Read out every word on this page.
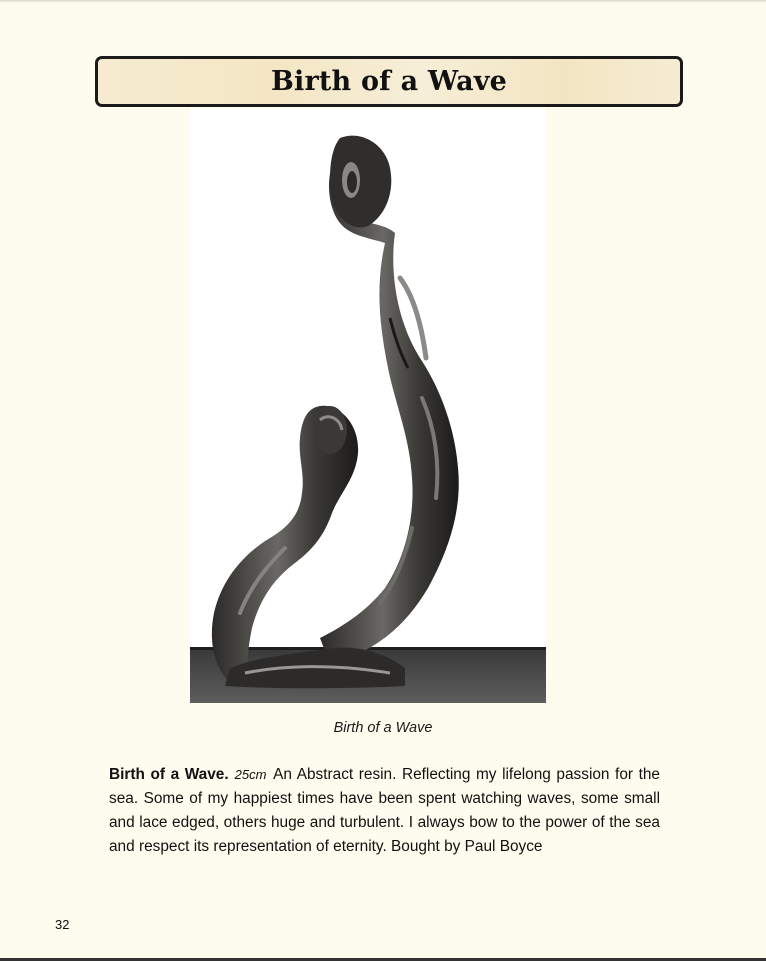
Birth of a Wave
Birth of a Wave

Birth of a Wave. 25cm An Abstract resin. Reflecting my lifelong passion for the sea. Some of my happiest times have been spent watching waves, some small and lace edged, others huge and turbulent. I always bow to the power of the sea and respect its representation of eternity. Bought by Paul Boyce

32
